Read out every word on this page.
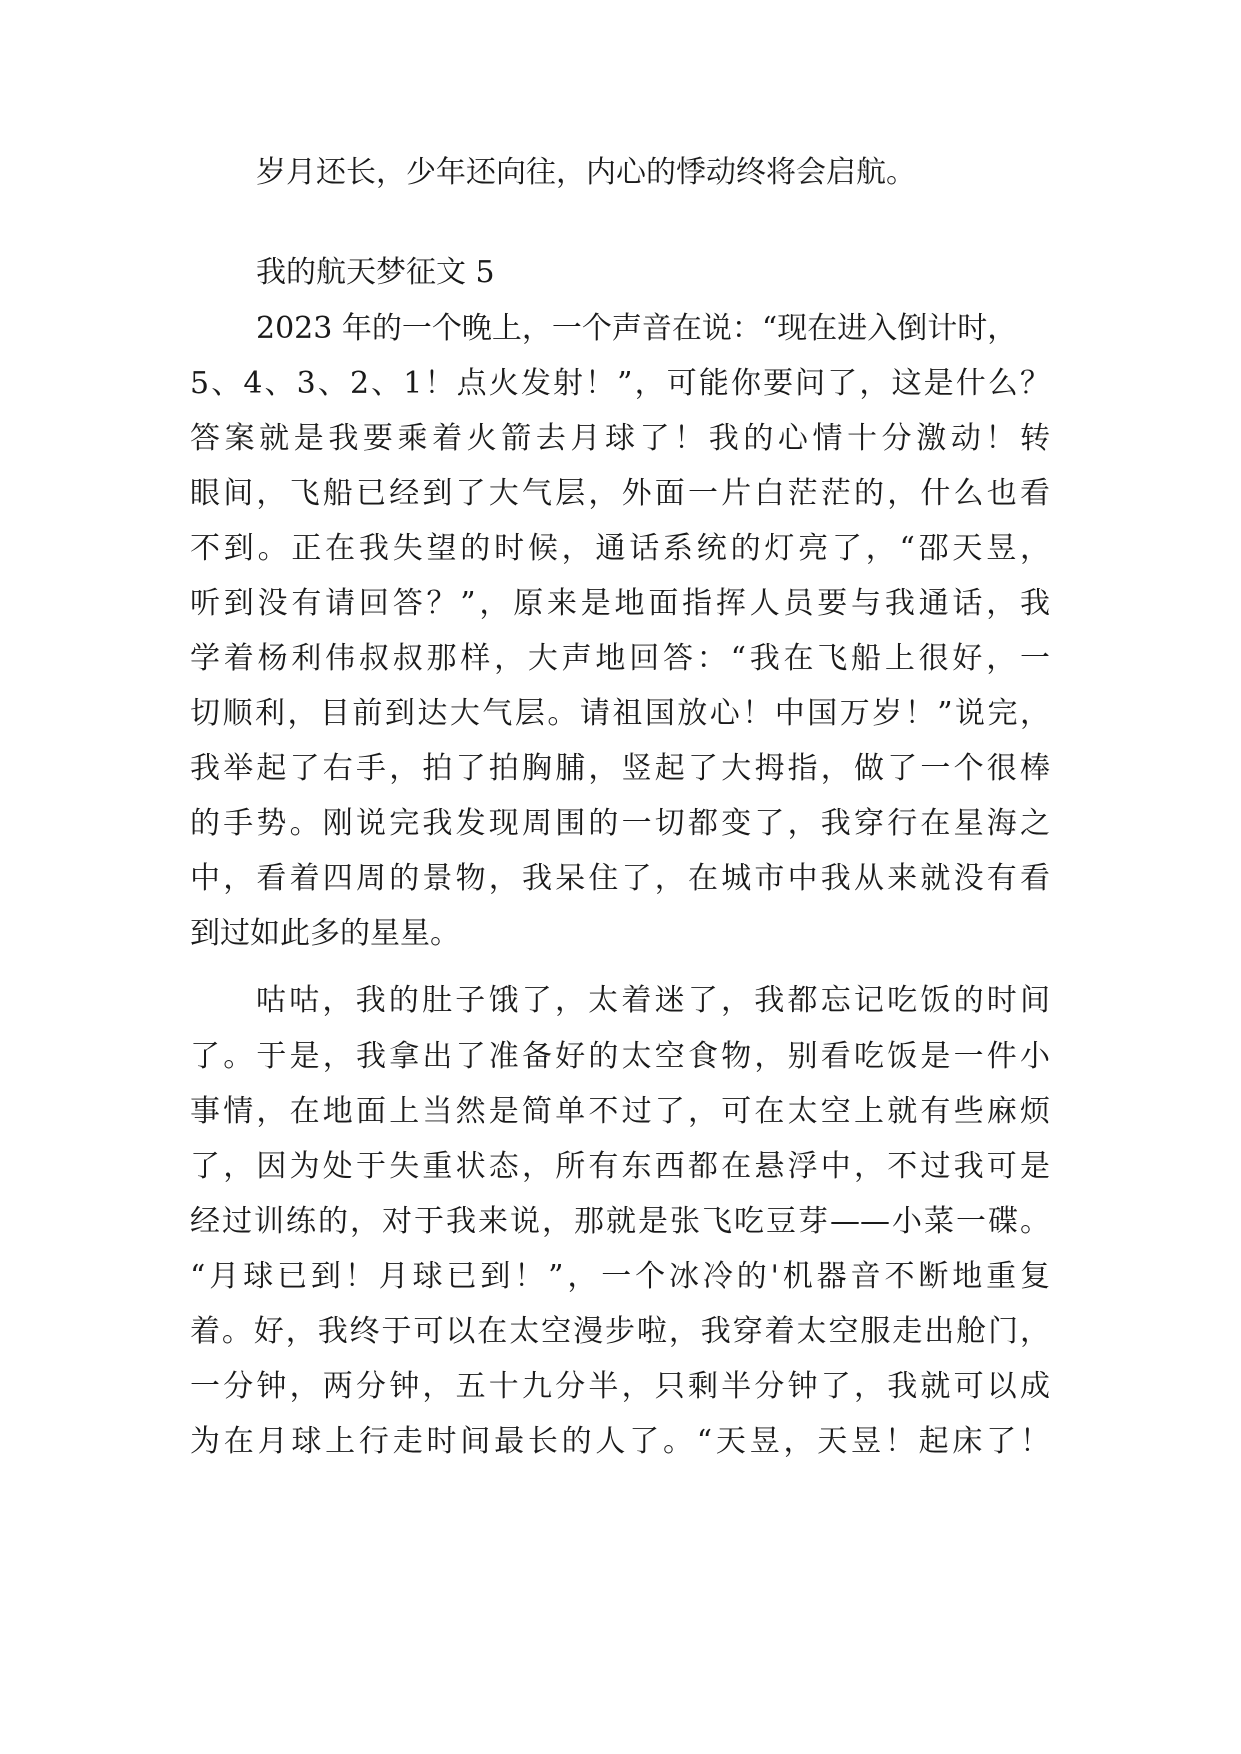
岁月还长，少年还向往，内心的悸动终将会启航。

我的航天梦征文 5

2023 年的一个晚上，一个声音在说：“现在进入倒计时，

5、4、3、2、1！点火发射！”，可能你要问了，这是什么？

答案就是我要乘着火箭去月球了！我的心情十分激动！转

眼间，飞船已经到了大气层，外面一片白茫茫的，什么也看

不到。正在我失望的时候，通话系统的灯亮了，“邵天昱，

听到没有请回答？”，原来是地面指挥人员要与我通话，我

学着杨利伟叔叔那样，大声地回答：“我在飞船上很好，一

切顺利，目前到达大气层。请祖国放心！中国万岁！”说完，

我举起了右手，拍了拍胸脯，竖起了大拇指，做了一个很棒

的手势。刚说完我发现周围的一切都变了，我穿行在星海之

中，看着四周的景物，我呆住了，在城市中我从来就没有看

到过如此多的星星。

咕咕，我的肚子饿了，太着迷了，我都忘记吃饭的时间

了。于是，我拿出了准备好的太空食物，别看吃饭是一件小

事情，在地面上当然是简单不过了，可在太空上就有些麻烦

了，因为处于失重状态，所有东西都在悬浮中，不过我可是

经过训练的，对于我来说，那就是张飞吃豆芽——小菜一碟。

“月球已到！月球已到！”，一个冰冷的'机器音不断地重复

着。好，我终于可以在太空漫步啦，我穿着太空服走出舱门，

一分钟，两分钟，五十九分半，只剩半分钟了，我就可以成

为在月球上行走时间最长的人了。“天昱，天昱！起床了！
